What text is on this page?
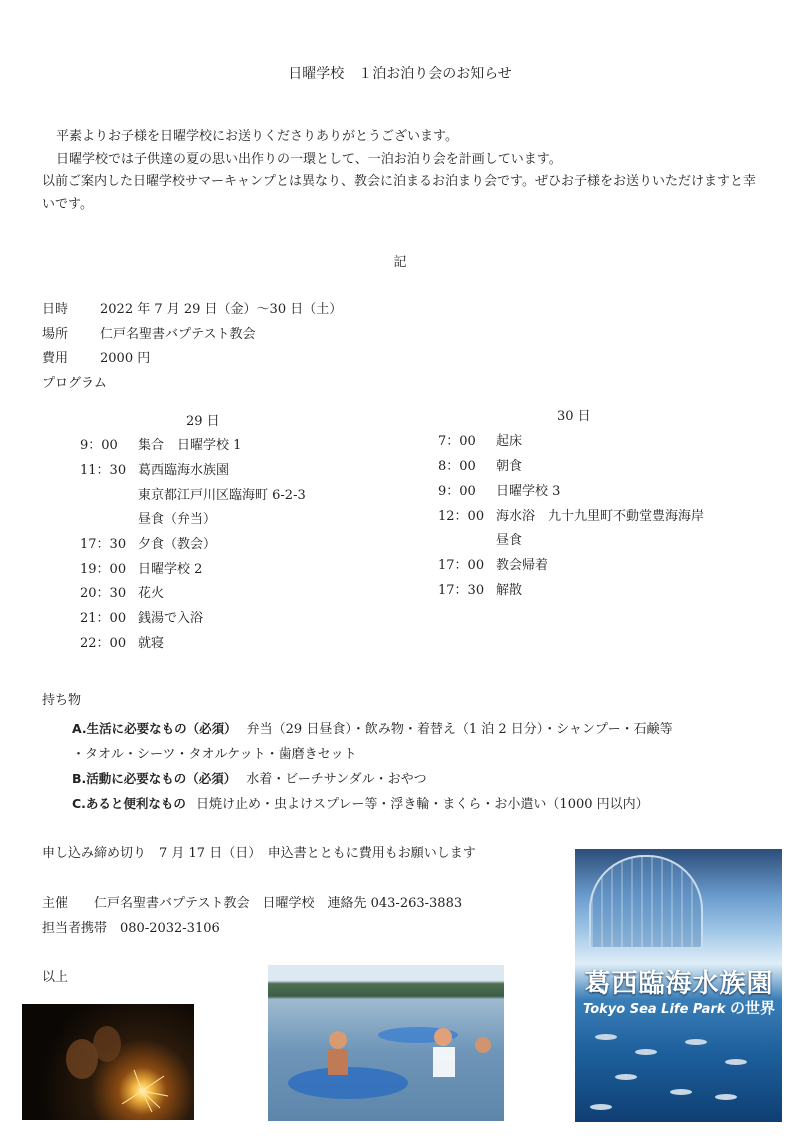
日曜学校　１泊お泊り会のお知らせ

平素よりお子様を日曜学校にお送りくださりありがとうございます。

日曜学校では子供達の夏の思い出作りの一環として、一泊お泊り会を計画しています。

以前ご案内した日曜学校サマーキャンプとは異なり、教会に泊まるお泊まり会です。ぜひお子様をお送りいただけますと幸いです。

記
日時 2022 年 7 月 29 日（金）～30 日（土）
場所 仁戸名聖書バプテスト教会
費用 2000 円
プログラム
29 日
9：00 集合　日曜学校 1
11：30 葛西臨海水族園
東京都江戸川区臨海町 6-2-3
昼食（弁当）
17：30 夕食（教会）
19：00 日曜学校 2
20：30 花火
21：00 銭湯で入浴
22：00 就寝
30 日
7：00 起床
8：00 朝食
9：00 日曜学校 3
12：00 海水浴　九十九里町不動堂豊海海岸
昼食
17：00 教会帰着
17：30 解散
持ち物
A.生活に必要なもの（必須） 弁当（29 日昼食）・飲み物・着替え（1 泊 2 日分）・シャンプー・石鹸等
・タオル・シーツ・タオルケット・歯磨きセット
B.活動に必要なもの（必須） 水着・ビーチサンダル・おやつ
C.あると便利なもの 日焼け止め・虫よけスプレー等・浮き輪・まくら・お小遣い（1000 円以内）
申し込み締め切り　7 月 17 日（日）　申込書とともに費用もお願いします
主催　　仁戸名聖書バプテスト教会　日曜学校　連絡先 043-263-3883
担当者携帯　080-2032-3106
以上	葛西臨海水族園
Tokyo Sea Life Park の世界
